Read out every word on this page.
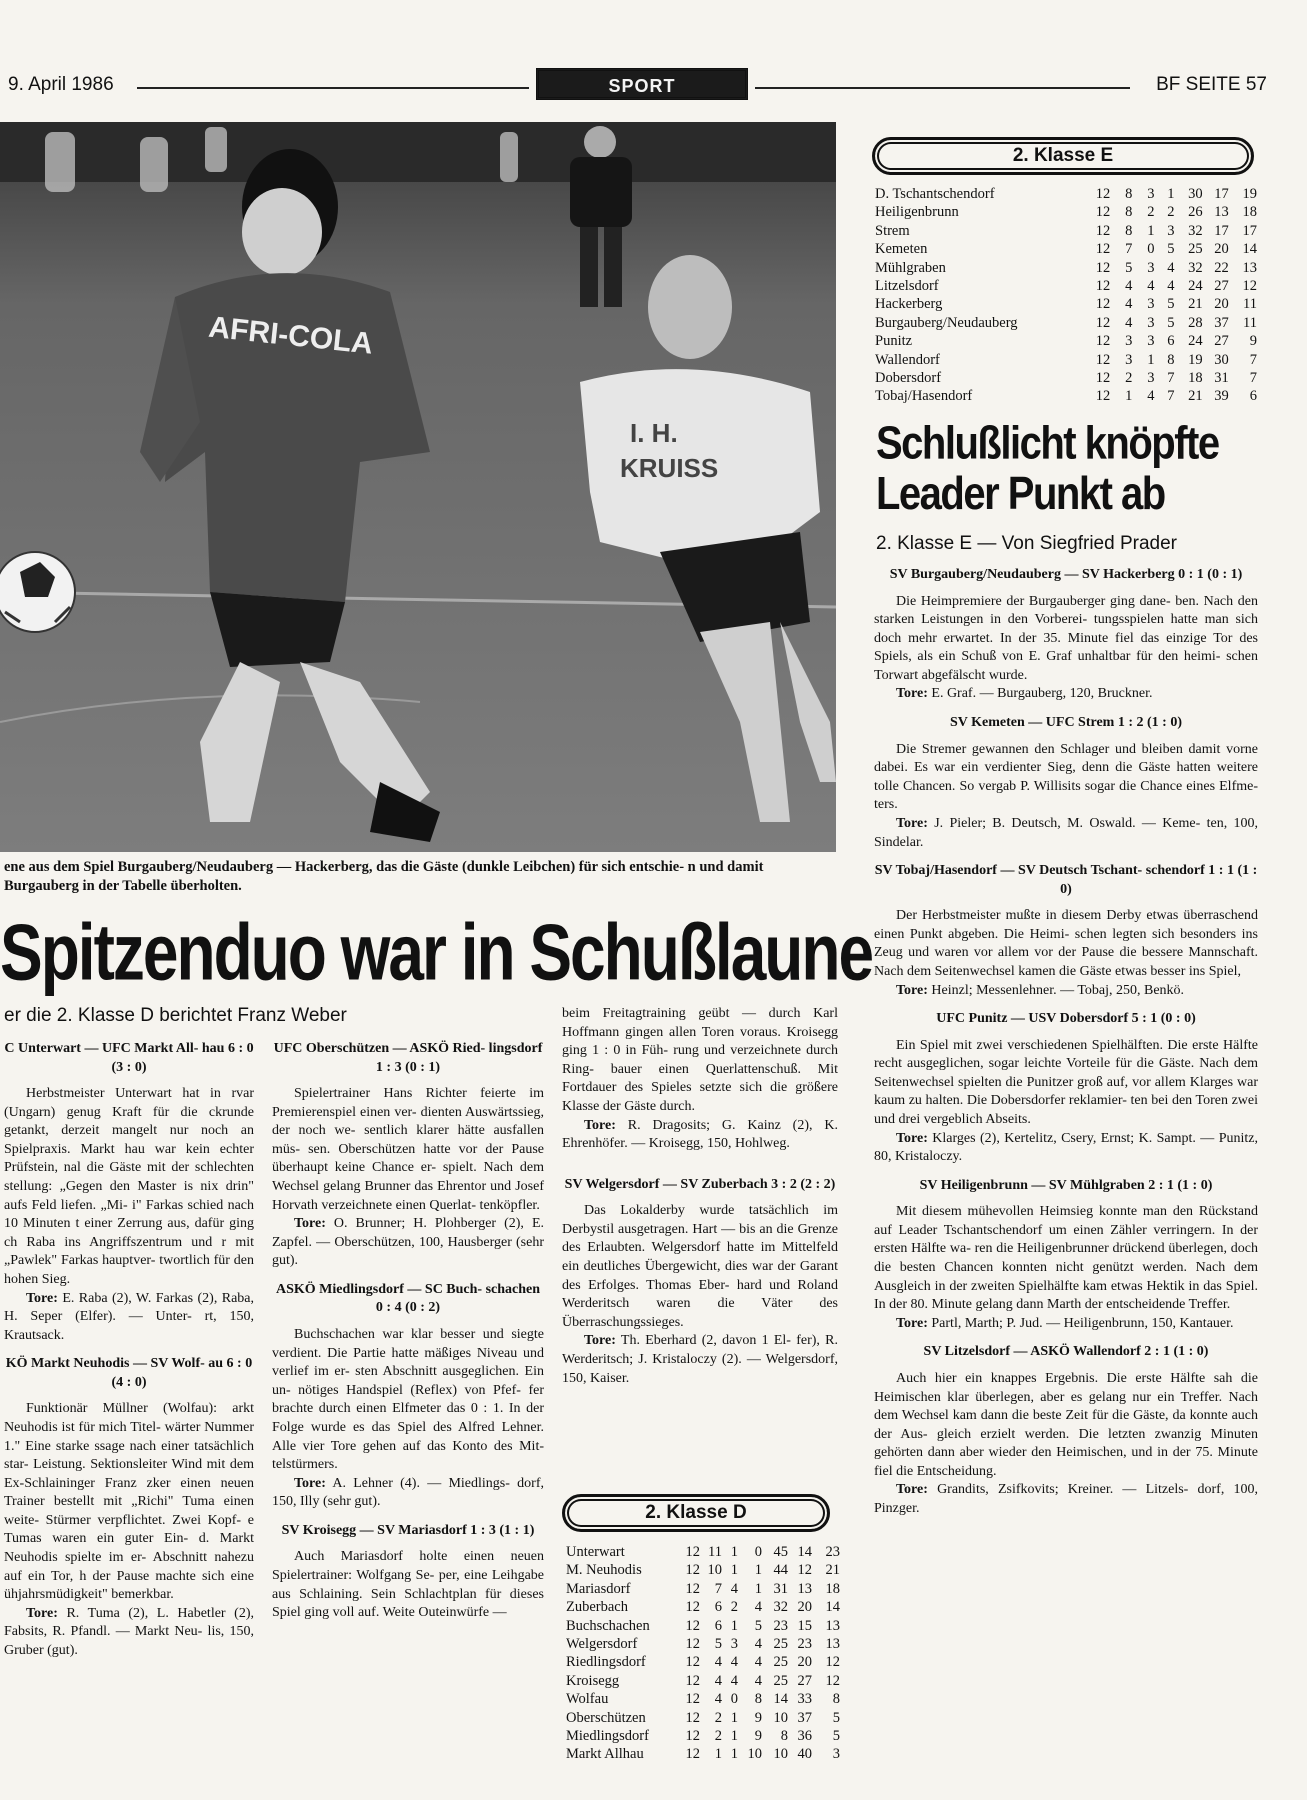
9. April 1986	SPORT	BF SEITE 57
AFRI-COLA
I. H.
KRUISS
ene aus dem Spiel Burgauberg/Neudauberg — Hackerberg, das die Gäste (dunkle Leibchen) für sich entschie- n und damit Burgauberg in der Tabelle überholten.
Spitzenduo war in Schußlaune
er die 2. Klasse D berichtet Franz Weber
C Unterwart — UFC Markt All- hau 6 : 0 (3 : 0)

Herbstmeister Unterwart hat in rvar (Ungarn) genug Kraft für die ckrunde getankt, derzeit mangelt nur noch an Spielpraxis. Markt hau war kein echter Prüfstein, nal die Gäste mit der schlechten stellung: „Gegen den Master is nix drin" aufs Feld liefen. „Mi- i" Farkas schied nach 10 Minuten t einer Zerrung aus, dafür ging ch Raba ins Angriffszentrum und r mit „Pawlek" Farkas hauptver- twortlich für den hohen Sieg.

Tore: E. Raba (2), W. Farkas (2), Raba, H. Seper (Elfer). — Unter- rt, 150, Krautsack.
KÖ Markt Neuhodis — SV Wolf- au 6 : 0 (4 : 0)

Funktionär Müllner (Wolfau): arkt Neuhodis ist für mich Titel- wärter Nummer 1." Eine starke ssage nach einer tatsächlich star- Leistung. Sektionsleiter Wind mit dem Ex-Schlaininger Franz zker einen neuen Trainer bestellt mit „Richi" Tuma einen weite- Stürmer verpflichtet. Zwei Kopf- e Tumas waren ein guter Ein- d. Markt Neuhodis spielte im er- Abschnitt nahezu auf ein Tor, h der Pause machte sich eine ühjahrsmüdigkeit" bemerkbar.

Tore: R. Tuma (2), L. Habetler (2), Fabsits, R. Pfandl. — Markt Neu- lis, 150, Gruber (gut).
UFC Oberschützen — ASKÖ Ried- lingsdorf 1 : 3 (0 : 1)

Spielertrainer Hans Richter feierte im Premierenspiel einen ver- dienten Auswärtssieg, der noch we- sentlich klarer hätte ausfallen müs- sen. Oberschützen hatte vor der Pause überhaupt keine Chance er- spielt. Nach dem Wechsel gelang Brunner das Ehrentor und Josef Horvath verzeichnete einen Querlat- tenköpfler.

Tore: O. Brunner; H. Plohberger (2), E. Zapfel. — Oberschützen, 100, Hausberger (sehr gut).
ASKÖ Miedlingsdorf — SC Buch- schachen 0 : 4 (0 : 2)

Buchschachen war klar besser und siegte verdient. Die Partie hatte mäßiges Niveau und verlief im er- sten Abschnitt ausgeglichen. Ein un- nötiges Handspiel (Reflex) von Pfef- fer brachte durch einen Elfmeter das 0 : 1. In der Folge wurde es das Spiel des Alfred Lehner. Alle vier Tore gehen auf das Konto des Mit- telstürmers.

Tore: A. Lehner (4). — Miedlings- dorf, 150, Illy (sehr gut).
SV Kroisegg — SV Mariasdorf 1 : 3 (1 : 1)

Auch Mariasdorf holte einen neuen Spielertrainer: Wolfgang Se- per, eine Leihgabe aus Schlaining. Sein Schlachtplan für dieses Spiel ging voll auf. Weite Outeinwürfe —

beim Freitagtraining geübt — durch Karl Hoffmann gingen allen Toren voraus. Kroisegg ging 1 : 0 in Füh- rung und verzeichnete durch Ring- bauer einen Querlattenschuß. Mit Fortdauer des Spieles setzte sich die größere Klasse der Gäste durch.
Tore: R. Dragosits; G. Kainz (2), K. Ehrenhöfer. — Kroisegg, 150, Hohlweg.
SV Welgersdorf — SV Zuberbach 3 : 2 (2 : 2)

Das Lokalderby wurde tatsächlich im Derbystil ausgetragen. Hart — bis an die Grenze des Erlaubten. Welgersdorf hatte im Mittelfeld ein deutliches Übergewicht, dies war der Garant des Erfolges. Thomas Eber- hard und Roland Werderitsch waren die Väter des Überraschungssieges.

Tore: Th. Eberhard (2, davon 1 El- fer), R. Werderitsch; J. Kristaloczy (2). — Welgersdorf, 150, Kaiser.
2. Klasse D
Unterwart	12	11	1	0	45	14	23
M. Neuhodis	12	10	1	1	44	12	21
Mariasdorf	12	7	4	1	31	13	18
Zuberbach	12	6	2	4	32	20	14
Buchschachen	12	6	1	5	23	15	13
Welgersdorf	12	5	3	4	25	23	13
Riedlingsdorf	12	4	4	4	25	20	12
Kroisegg	12	4	4	4	25	27	12
Wolfau	12	4	0	8	14	33	8
Oberschützen	12	2	1	9	10	37	5
Miedlingsdorf	12	2	1	9	8	36	5
Markt Allhau	12	1	1	10	10	40	3
2. Klasse E
D. Tschantschendorf	12	8	3	1	30	17	19
Heiligenbrunn	12	8	2	2	26	13	18
Strem	12	8	1	3	32	17	17
Kemeten	12	7	0	5	25	20	14
Mühlgraben	12	5	3	4	32	22	13
Litzelsdorf	12	4	4	4	24	27	12
Hackerberg	12	4	3	5	21	20	11
Burgauberg/Neudauberg	12	4	3	5	28	37	11
Punitz	12	3	3	6	24	27	9
Wallendorf	12	3	1	8	19	30	7
Dobersdorf	12	2	3	7	18	31	7
Tobaj/Hasendorf	12	1	4	7	21	39	6
Schlußlicht knöpfte
Leader Punkt ab
2. Klasse E — Von Siegfried Prader
SV Burgauberg/Neudauberg — SV Hackerberg 0 : 1 (0 : 1)

Die Heimpremiere der Burgauberger ging dane- ben. Nach den starken Leistungen in den Vorberei- tungsspielen hatte man sich doch mehr erwartet. In der 35. Minute fiel das einzige Tor des Spiels, als ein Schuß von E. Graf unhaltbar für den heimi- schen Torwart abgefälscht wurde.

Tore: E. Graf. — Burgauberg, 120, Bruckner.
SV Kemeten — UFC Strem 1 : 2 (1 : 0)

Die Stremer gewannen den Schlager und bleiben damit vorne dabei. Es war ein verdienter Sieg, denn die Gäste hatten weitere tolle Chancen. So vergab P. Willisits sogar die Chance eines Elfme- ters.

Tore: J. Pieler; B. Deutsch, M. Oswald. — Keme- ten, 100, Sindelar.
SV Tobaj/Hasendorf — SV Deutsch Tschant- schendorf 1 : 1 (1 : 0)

Der Herbstmeister mußte in diesem Derby etwas überraschend einen Punkt abgeben. Die Heimi- schen legten sich besonders ins Zeug und waren vor allem vor der Pause die bessere Mannschaft. Nach dem Seitenwechsel kamen die Gäste etwas besser ins Spiel,

Tore: Heinzl; Messenlehner. — Tobaj, 250, Benkö.
UFC Punitz — USV Dobersdorf 5 : 1 (0 : 0)

Ein Spiel mit zwei verschiedenen Spielhälften. Die erste Hälfte recht ausgeglichen, sogar leichte Vorteile für die Gäste. Nach dem Seitenwechsel spielten die Punitzer groß auf, vor allem Klarges war kaum zu halten. Die Dobersdorfer reklamier- ten bei den Toren zwei und drei vergeblich Abseits.

Tore: Klarges (2), Kertelitz, Csery, Ernst; K. Sampt. — Punitz, 80, Kristaloczy.
SV Heiligenbrunn — SV Mühlgraben 2 : 1 (1 : 0)

Mit diesem mühevollen Heimsieg konnte man den Rückstand auf Leader Tschantschendorf um einen Zähler verringern. In der ersten Hälfte wa- ren die Heiligenbrunner drückend überlegen, doch die besten Chancen konnten nicht genützt werden. Nach dem Ausgleich in der zweiten Spielhälfte kam etwas Hektik in das Spiel. In der 80. Minute gelang dann Marth der entscheidende Treffer.

Tore: Partl, Marth; P. Jud. — Heiligenbrunn, 150, Kantauer.
SV Litzelsdorf — ASKÖ Wallendorf 2 : 1 (1 : 0)

Auch hier ein knappes Ergebnis. Die erste Hälfte sah die Heimischen klar überlegen, aber es gelang nur ein Treffer. Nach dem Wechsel kam dann die beste Zeit für die Gäste, da konnte auch der Aus- gleich erzielt werden. Die letzten zwanzig Minuten gehörten dann aber wieder den Heimischen, und in der 75. Minute fiel die Entscheidung.

Tore: Grandits, Zsifkovits; Kreiner. — Litzels- dorf, 100, Pinzger.
